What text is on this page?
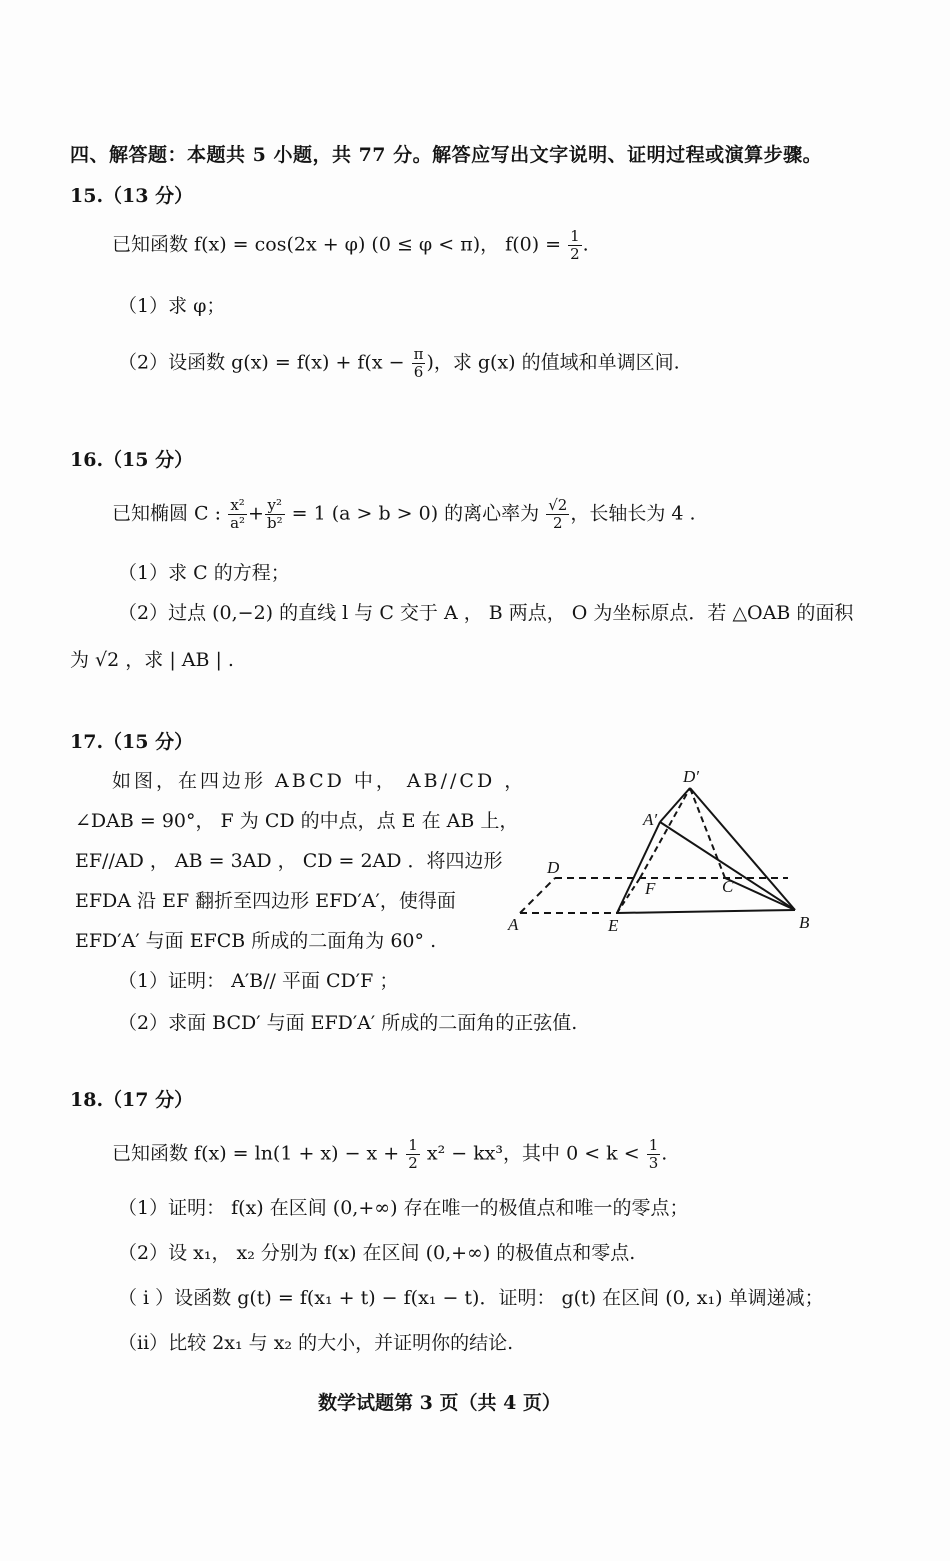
四、解答题：本题共 5 小题，共 77 分。解答应写出文字说明、证明过程或演算步骤。
15.（13 分）
已知函数 f(x) = cos(2x + φ) (0 ≤ φ < π)， $f(0) = \frac{1}{2}$ .
（1）求 φ；
（2）设函数 $g(x) = f(x) + f(x - \frac{\pi}{6}$ )，求 g(x) 的值域和单调区间.
16.（15 分）
已知椭圆 C : $\frac{\text{x²}}{\text{a²}} + \frac{\text{y²}}{\text{b²}} = 1$ (a > b > 0) 的离心率为 $\frac{√2}{2}$ ，长轴长为 4 .
（1）求 C 的方程；
（2）过点 (0,−2) 的直线 l 与 C 交于 A ， B 两点， O 为坐标原点．若 △OAB 的面积
为 √2 ，求 | AB | .
17.（15 分）
如图，在四边形 ABCD 中， AB//CD ，
∠DAB = 90°， F 为 CD 的中点，点 E 在 AB 上，
EF//AD ， AB = 3AD ， CD = 2AD ．将四边形
EFDA 沿 EF 翻折至四边形 EFD′A′，使得面
EFD′A′ 与面 EFCB 所成的二面角为 60° .
（1）证明： A′B// 平面 CD′F ；
（2）求面 BCD′ 与面 EFD′A′ 所成的二面角的正弦值.
D′
A′
D
F	C
A	E	B
18.（17 分）
已知函数 $f(x) = \ln(1 + x) - x + \frac{1}{2} x^2 - kx^3$，其中 $0 < k < \frac{1}{3}$ .
（1）证明： f(x) 在区间 (0,+∞) 存在唯一的极值点和唯一的零点；
（2）设 x₁， x₂ 分别为 f(x) 在区间 (0,+∞) 的极值点和零点.
（ i ）设函数 g(t) = f(x₁ + t) − f(x₁ − t)．证明： g(t) 在区间 (0, x₁) 单调递减；
（ii）比较 2x₁ 与 x₂ 的大小，并证明你的结论.
数学试题第 3 页（共 4 页）
